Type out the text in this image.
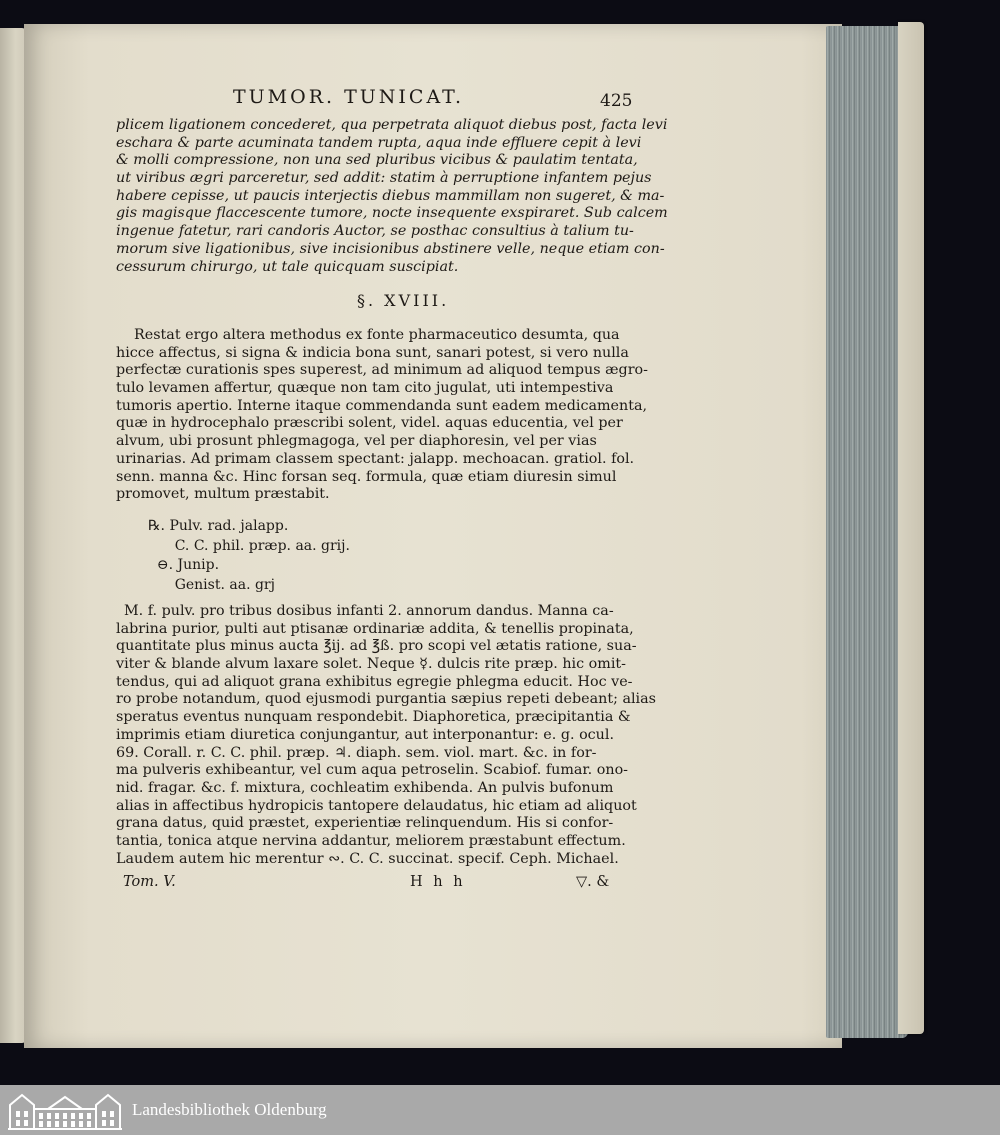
TUMOR. TUNICAT.	425
plicem ligationem concederet, qua perpetrata aliquot diebus post, facta levi
eschara & parte acuminata tandem rupta, aqua inde effluere cepit à levi
& molli compressione, non una sed pluribus vicibus & paulatim tentata,
ut viribus ægri parceretur, sed addit: statim à perruptione infantem pejus
habere cepisse, ut paucis interjectis diebus mammillam non sugeret, & ma-
gis magisque flaccescente tumore, nocte insequente exspiraret. Sub calcem
ingenue fatetur, rari candoris Auctor, se posthac consultius à talium tu-
morum sive ligationibus, sive incisionibus abstinere velle, neque etiam con-
cessurum chirurgo, ut tale quicquam suscipiat.
§. XVIII.
Restat ergo altera methodus ex fonte pharmaceutico desumta, qua
hicce affectus, si signa & indicia bona sunt, sanari potest, si vero nulla
perfectæ curationis spes superest, ad minimum ad aliquod tempus ægro-
tulo levamen affertur, quæque non tam cito jugulat, uti intempestiva
tumoris apertio. Interne itaque commendanda sunt eadem medicamenta,
quæ in hydrocephalo præscribi solent, videl. aquas educentia, vel per
alvum, ubi prosunt phlegmagoga, vel per diaphoresin, vel per vias
urinarias. Ad primam classem spectant: jalapp. mechoacan. gratiol. fol.
senn. manna &c. Hinc forsan seq. formula, quæ etiam diuresin simul
promovet, multum præstabit.
℞. Pulv. rad. jalapp.
C. C. phil. præp. aa. grij.
⊖. Junip.
Genist. aa. grj
M. f. pulv. pro tribus dosibus infanti 2. annorum dandus. Manna ca-
labrina purior, pulti aut ptisanæ ordinariæ addita, & tenellis propinata,
quantitate plus minus aucta ℥ij. ad ℥ß. pro scopi vel ætatis ratione, sua-
viter & blande alvum laxare solet. Neque ☿. dulcis rite præp. hic omit-
tendus, qui ad aliquot grana exhibitus egregie phlegma educit. Hoc ve-
ro probe notandum, quod ejusmodi purgantia sæpius repeti debeant; alias
speratus eventus nunquam respondebit. Diaphoretica, præcipitantia &
imprimis etiam diuretica conjungantur, aut interponantur: e. g. ocul.
69. Corall. r. C. C. phil. præp. ♃. diaph. sem. viol. mart. &c. in for-
ma pulveris exhibeantur, vel cum aqua petroselin. Scabiof. fumar. ono-
nid. fragar. &c. f. mixtura, cochleatim exhibenda. An pulvis bufonum
alias in affectibus hydropicis tantopere delaudatus, hic etiam ad aliquot
grana datus, quid præstet, experientiæ relinquendum. His si confor-
tantia, tonica atque nervina addantur, meliorem præstabunt effectum.
Laudem autem hic merentur ∾. C. C. succinat. specif. Ceph. Michael.
Tom. V.	H h h	▽. &
Landesbibliothek Oldenburg
